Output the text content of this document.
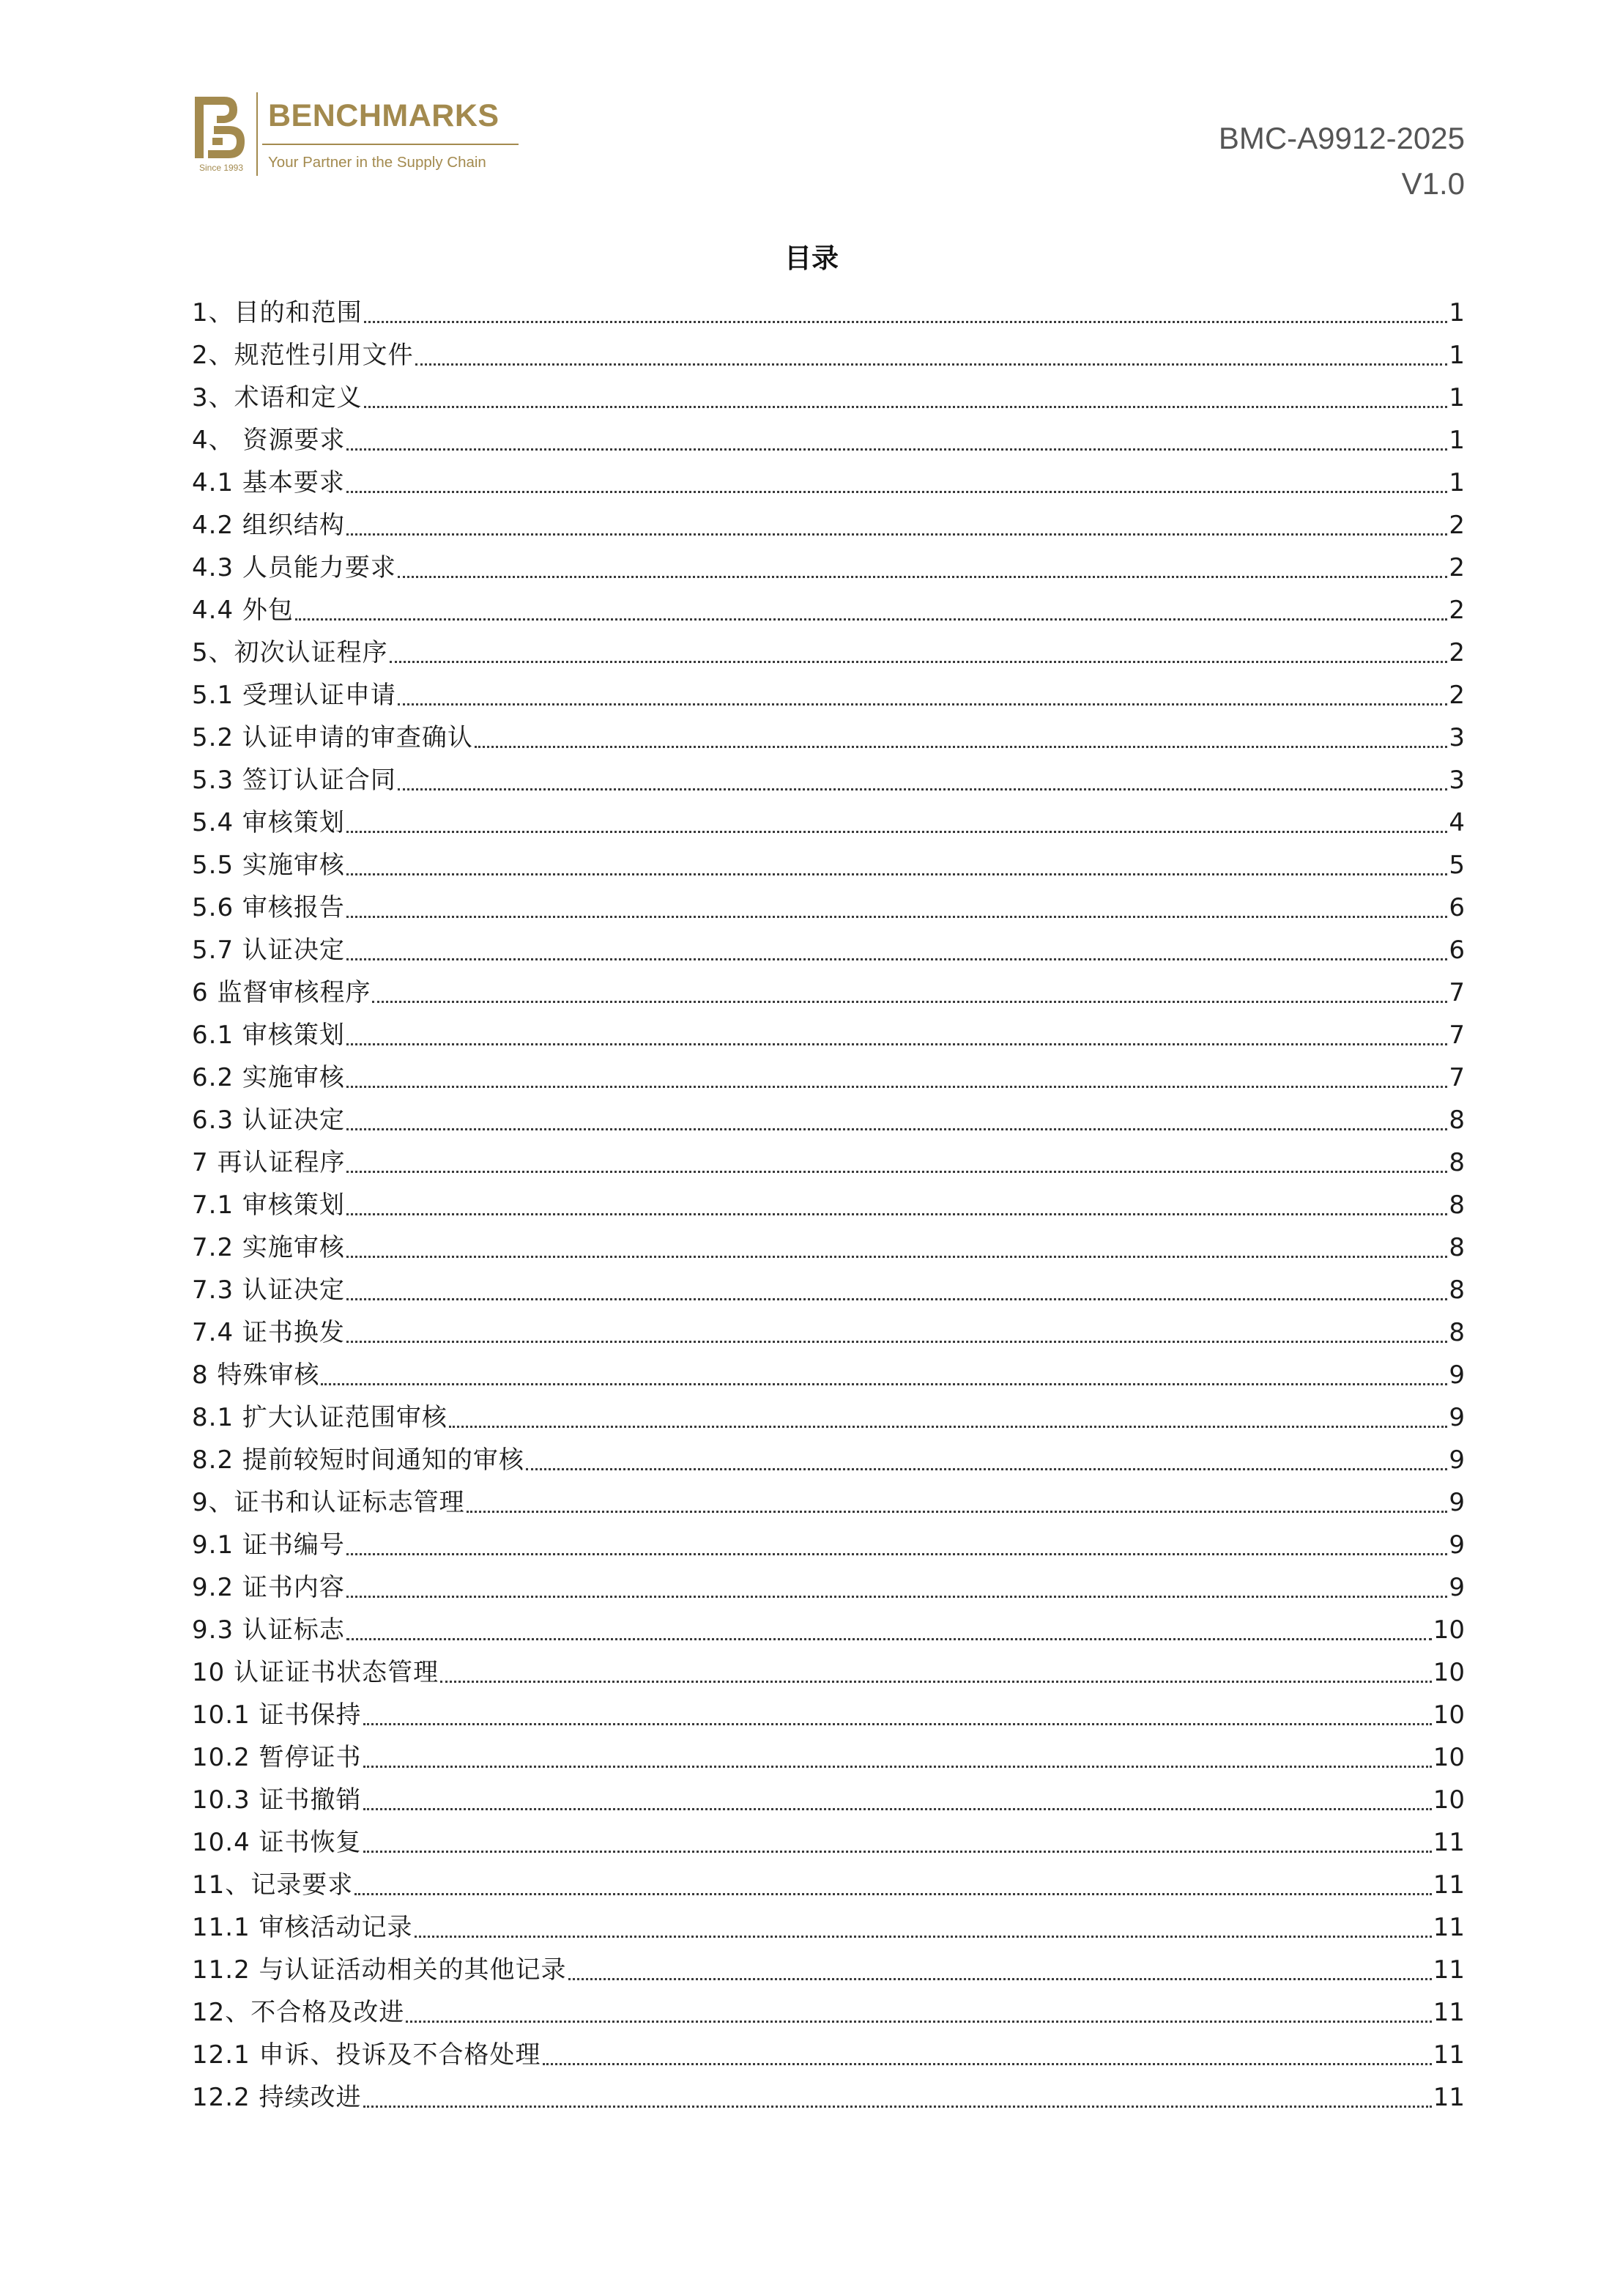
Since 1993
BENCHMARKS
Your Partner in the Supply Chain
BMC-A9912-2025
V1.0
目录
1、目的和范围	1
2、规范性引用文件	1
3、术语和定义	1
4、 资源要求	1
4.1 基本要求	1
4.2 组织结构	2
4.3 人员能力要求	2
4.4 外包	2
5、初次认证程序	2
5.1 受理认证申请	2
5.2 认证申请的审查确认	3
5.3 签订认证合同	3
5.4 审核策划	4
5.5 实施审核	5
5.6 审核报告	6
5.7 认证决定	6
6 监督审核程序	7
6.1 审核策划	7
6.2 实施审核	7
6.3 认证决定	8
7 再认证程序	8
7.1 审核策划	8
7.2 实施审核	8
7.3 认证决定	8
7.4 证书换发	8
8 特殊审核	9
8.1 扩大认证范围审核	9
8.2 提前较短时间通知的审核	9
9、证书和认证标志管理	9
9.1 证书编号	9
9.2 证书内容	9
9.3 认证标志	10
10 认证证书状态管理	10
10.1 证书保持	10
10.2 暂停证书	10
10.3 证书撤销	10
10.4 证书恢复	11
11、记录要求	11
11.1 审核活动记录	11
11.2 与认证活动相关的其他记录	11
12、不合格及改进	11
12.1 申诉、投诉及不合格处理	11
12.2 持续改进	11
